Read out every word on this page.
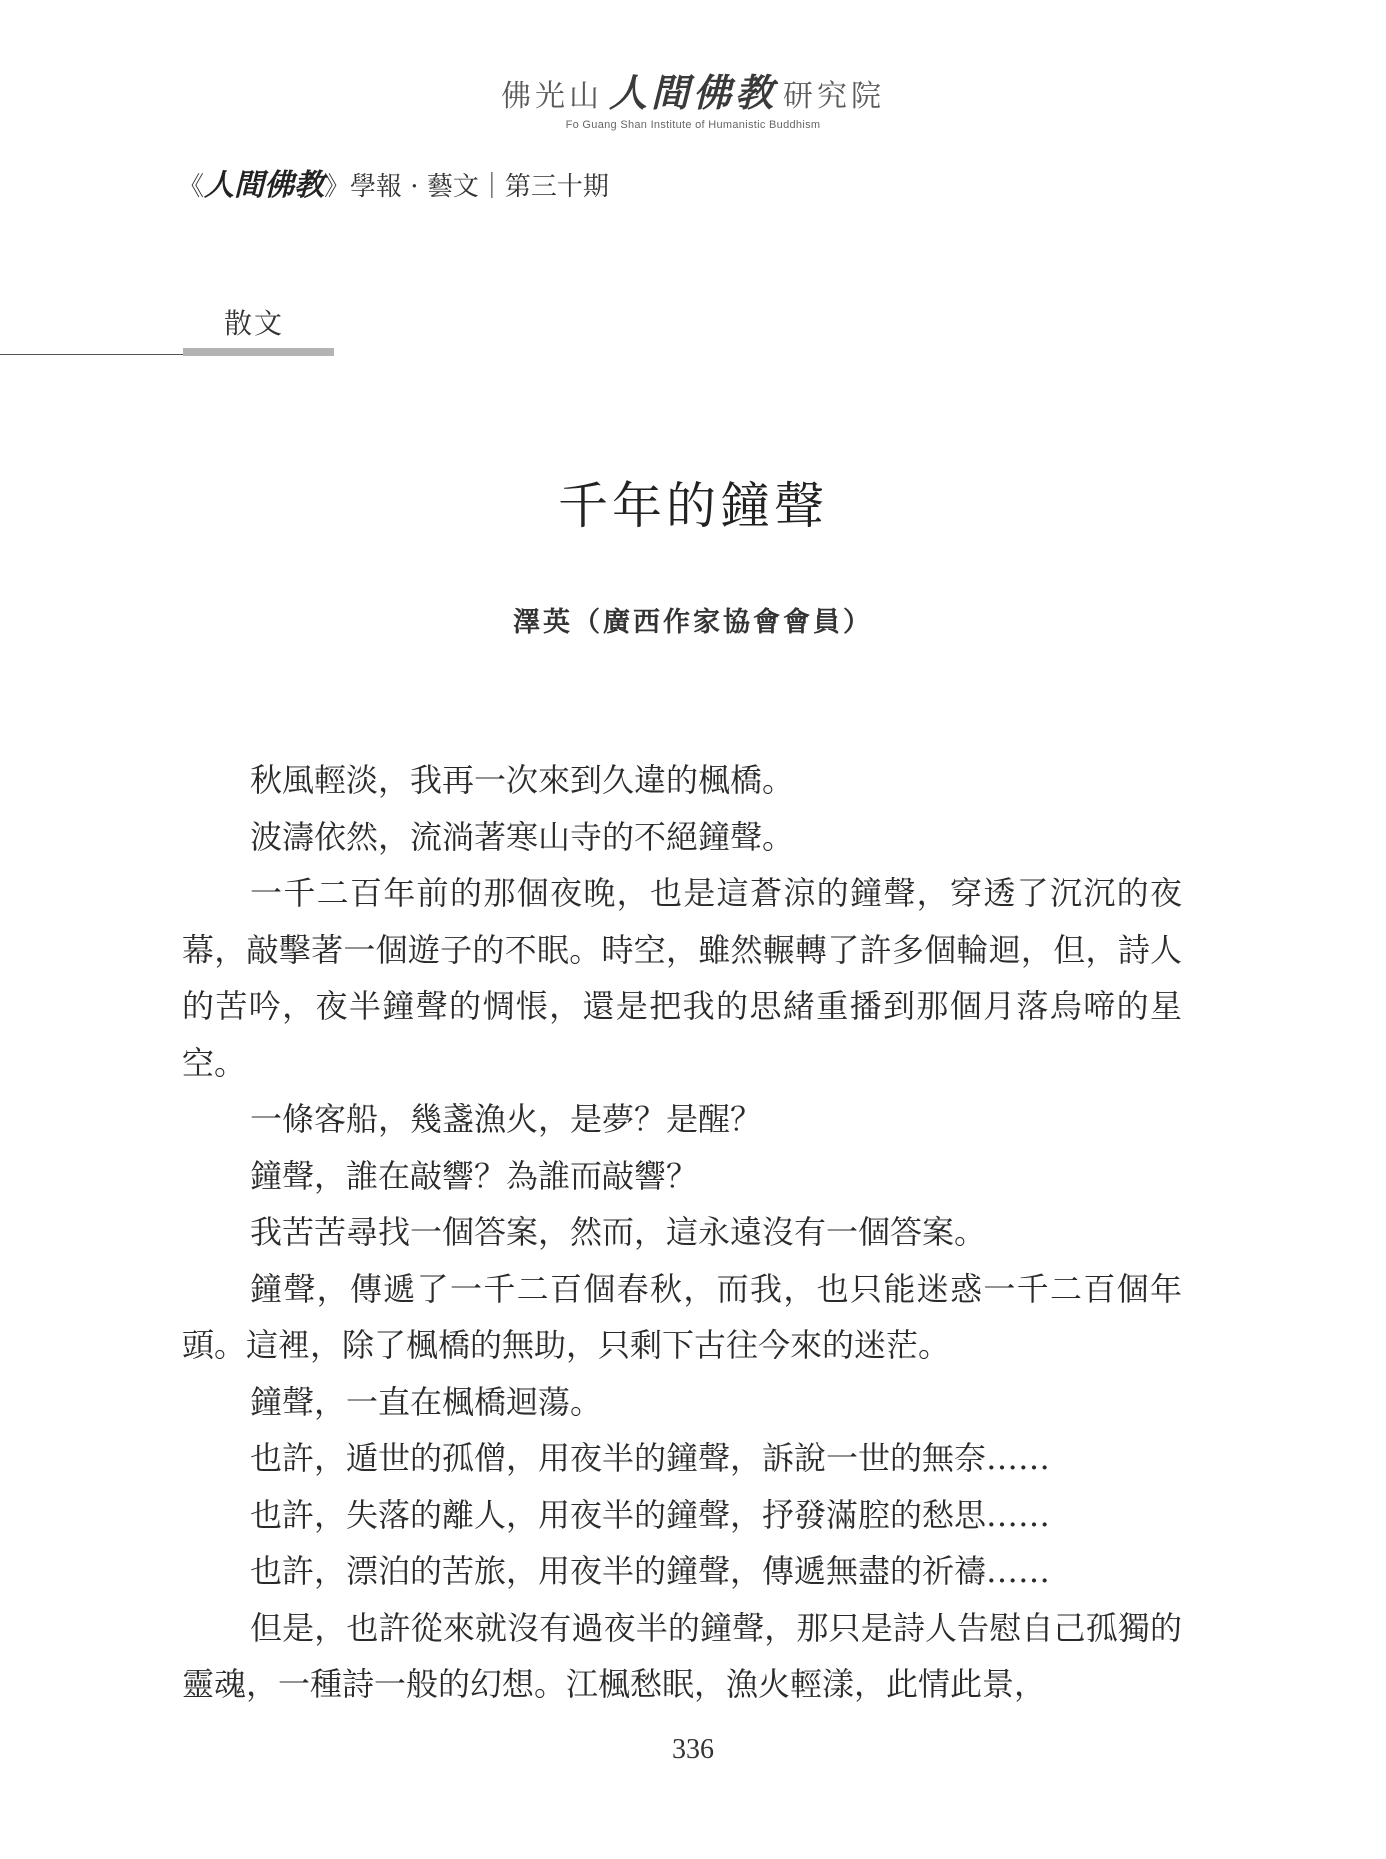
佛光山 人間佛教 研究院
Fo Guang Shan Institute of Humanistic Buddhism
《人間佛教》學報 · 藝文｜第三十期
散文
千年的鐘聲
澤英（廣西作家協會會員）

秋風輕淡，我再一次來到久違的楓橋。

波濤依然，流淌著寒山寺的不絕鐘聲。

一千二百年前的那個夜晚，也是這蒼涼的鐘聲，穿透了沉沉的夜幕，敲擊著一個遊子的不眠。時空，雖然輾轉了許多個輪迴，但，詩人的苦吟，夜半鐘聲的惆悵，還是把我的思緒重播到那個月落烏啼的星空。

一條客船，幾盞漁火，是夢？是醒？

鐘聲，誰在敲響？為誰而敲響？

我苦苦尋找一個答案，然而，這永遠沒有一個答案。

鐘聲，傳遞了一千二百個春秋，而我，也只能迷惑一千二百個年頭。這裡，除了楓橋的無助，只剩下古往今來的迷茫。

鐘聲，一直在楓橋迴蕩。

也許，遁世的孤僧，用夜半的鐘聲，訴說一世的無奈……

也許，失落的離人，用夜半的鐘聲，抒發滿腔的愁思……

也許，漂泊的苦旅，用夜半的鐘聲，傳遞無盡的祈禱……

但是，也許從來就沒有過夜半的鐘聲，那只是詩人告慰自己孤獨的靈魂，一種詩一般的幻想。江楓愁眠，漁火輕漾，此情此景，

336
